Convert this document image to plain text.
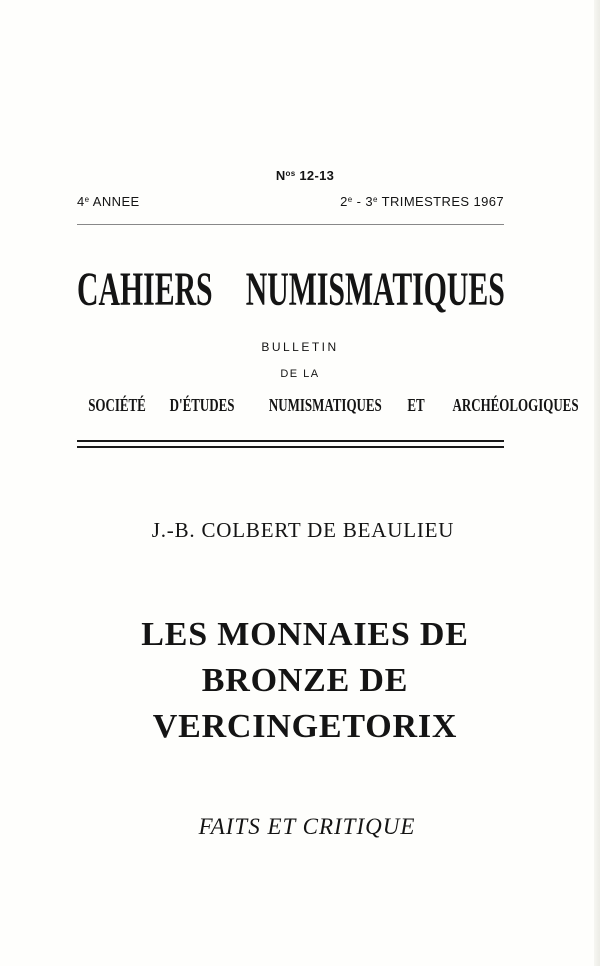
$N^{os}$ 12-13
4e ANNEE	2e - 3e TRIMESTRES 1967
CAHIERS NUMISMATIQUES
BULLETIN
DE LA
SOCIÉTÉ D'ÉTUDES NUMISMATIQUES ET ARCHÉOLOGIQUES
J.-B. COLBERT DE BEAULIEU
LES MONNAIES DE
BRONZE DE
VERCINGETORIX
FAITS ET CRITIQUE
